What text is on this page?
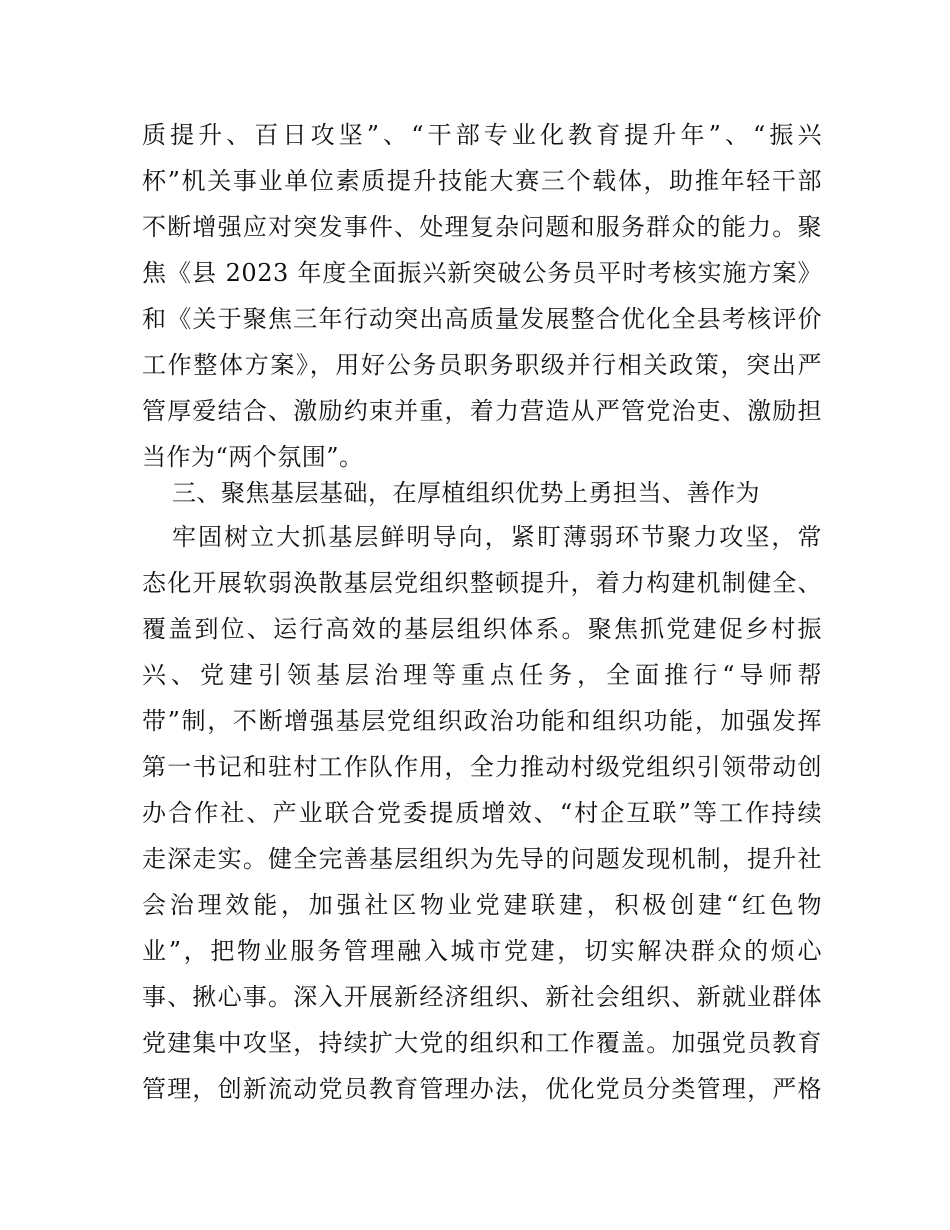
质提升、百日攻坚”、“干部专业化教育提升年”、“振兴
杯”机关事业单位素质提升技能大赛三个载体，助推年轻干部
不断增强应对突发事件、处理复杂问题和服务群众的能力。聚
焦《县 2023 年度全面振兴新突破公务员平时考核实施方案》
和《关于聚焦三年行动突出高质量发展整合优化全县考核评价
工作整体方案》，用好公务员职务职级并行相关政策，突出严
管厚爱结合、激励约束并重，着力营造从严管党治吏、激励担
当作为“两个氛围”。
三、聚焦基层基础，在厚植组织优势上勇担当、善作为
牢固树立大抓基层鲜明导向，紧盯薄弱环节聚力攻坚，常
态化开展软弱涣散基层党组织整顿提升，着力构建机制健全、
覆盖到位、运行高效的基层组织体系。聚焦抓党建促乡村振
兴、党建引领基层治理等重点任务，全面推行“导师帮
带”制，不断增强基层党组织政治功能和组织功能，加强发挥
第一书记和驻村工作队作用，全力推动村级党组织引领带动创
办合作社、产业联合党委提质增效、“村企互联”等工作持续
走深走实。健全完善基层组织为先导的问题发现机制，提升社
会治理效能，加强社区物业党建联建，积极创建“红色物
业”，把物业服务管理融入城市党建，切实解决群众的烦心
事、揪心事。深入开展新经济组织、新社会组织、新就业群体
党建集中攻坚，持续扩大党的组织和工作覆盖。加强党员教育
管理，创新流动党员教育管理办法，优化党员分类管理，严格
